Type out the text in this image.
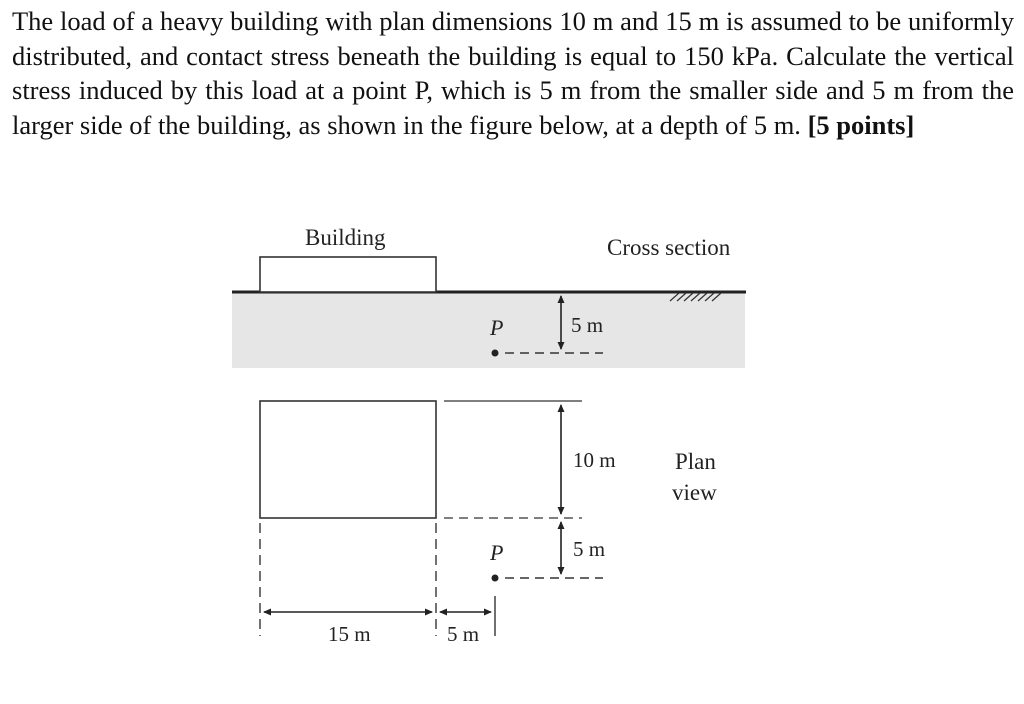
The load of a heavy building with plan dimensions 10 m and 15 m is assumed to be uniformly distributed, and contact stress beneath the building is equal to 150 kPa. Calculate the vertical stress induced by this load at a point P, which is 5 m from the smaller side and 5 m from the larger side of the building, as shown in the figure below, at a depth of 5 m. [5 points]
Building	Cross section
P	5 m
10 m	Plan
view
5 m
P
15 m	5 m
